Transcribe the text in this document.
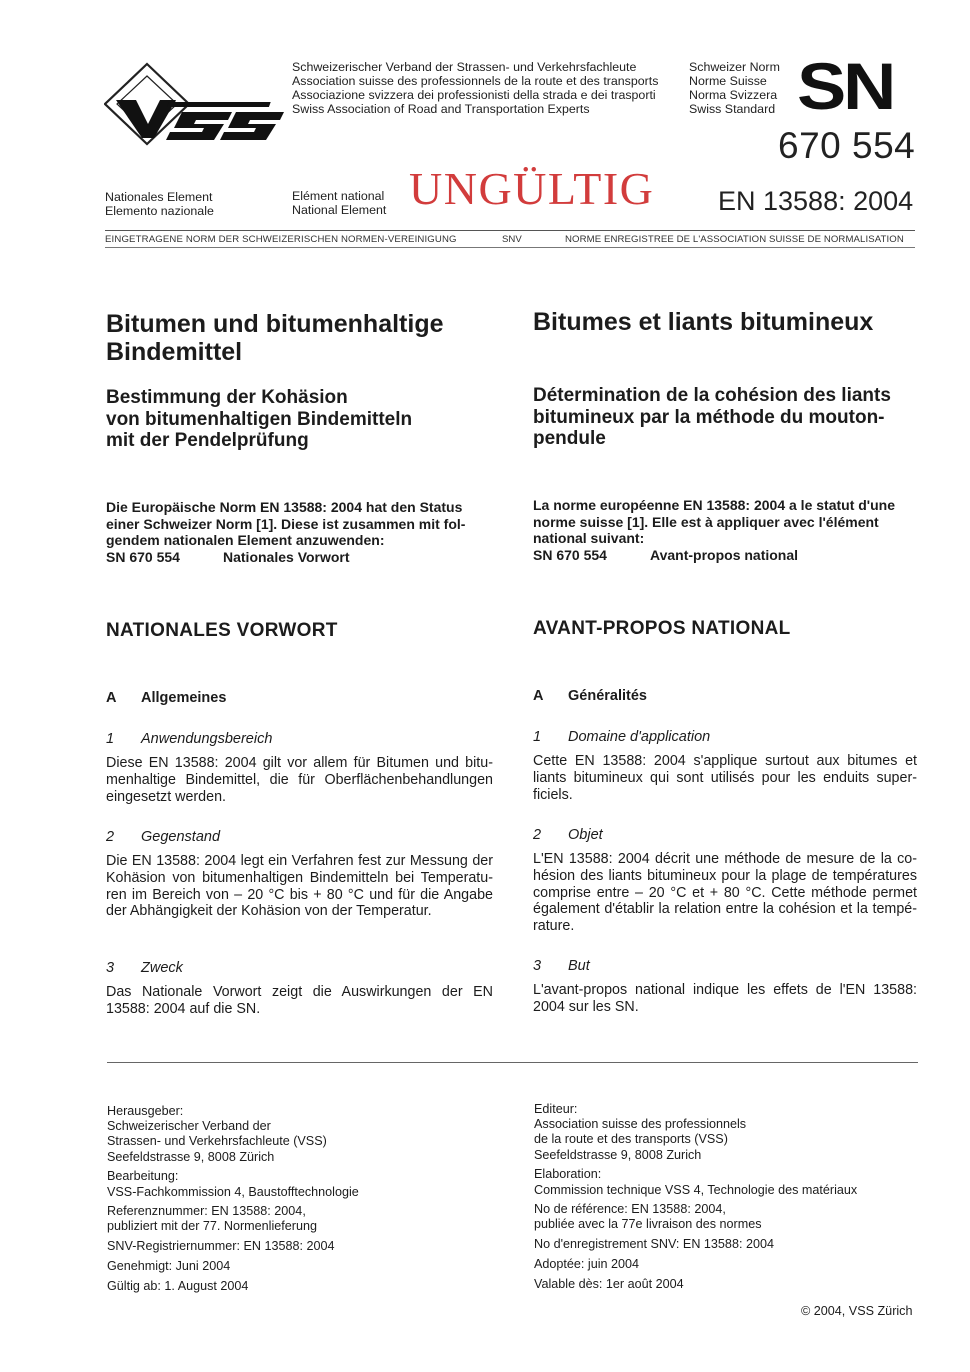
Schweizerischer Verband der Strassen- und Verkehrsfachleute
Association suisse des professionnels de la route et des transports
Associazione svizzera dei professionisti della strada e dei trasporti
Swiss Association of Road and Transportation Experts
Schweizer Norm
Norme Suisse
Norma Svizzera
Swiss Standard SN
670 554
EN 13588: 2004
Nationales Element
Elemento nazionale
Elément national
National Element UNGÜLTIG
EINGETRAGENE NORM DER SCHWEIZERISCHEN NORMEN-VEREINIGUNG	SNV	NORME ENREGISTREE DE L'ASSOCIATION SUISSE DE NORMALISATION
Bitumen und bitumenhaltige
Bindemittel
Bestimmung der Kohäsion
von bitumenhaltigen Bindemitteln
mit der Pendelprüfung
Die Europäische Norm EN 13588: 2004 hat den Status
einer Schweizer Norm [1]. Diese ist zusammen mit fol-
gendem nationalen Element anzuwenden:
SN 670 554	Nationales Vorwort
NATIONALES VORWORT
A Allgemeines
1 Anwendungsbereich
Diese EN 13588: 2004 gilt vor allem für Bitumen und bitumenhaltige Bindemittel, die für Oberflächenbehandlungen eingesetzt werden.
2 Gegenstand
Die EN 13588: 2004 legt ein Verfahren fest zur Messung der Kohäsion von bitumenhaltigen Bindemitteln bei Temperaturen im Bereich von – 20 °C bis + 80 °C und für die Angabe der Abhängigkeit der Kohäsion von der Temperatur.
3 Zweck
Das Nationale Vorwort zeigt die Auswirkungen der EN 13588: 2004 auf die SN.
Bitumes et liants bitumineux
Détermination de la cohésion des liants
bitumineux par la méthode du mouton-
pendule
La norme européenne EN 13588: 2004 a le statut d'une
norme suisse [1]. Elle est à appliquer avec l'élément
national suivant:
SN 670 554	Avant-propos national
AVANT-PROPOS NATIONAL
A Généralités
1 Domaine d'application
Cette EN 13588: 2004 s'applique surtout aux bitumes et liants bitumineux qui sont utilisés pour les enduits superficiels.
2 Objet
L'EN 13588: 2004 décrit une méthode de mesure de la cohésion des liants bitumineux pour la plage de températures comprise entre – 20 °C et + 80 °C. Cette méthode permet également d'établir la relation entre la cohésion et la température.
3 But
L'avant-propos national indique les effets de l'EN 13588: 2004 sur les SN.
Herausgeber:
Schweizerischer Verband der
Strassen- und Verkehrsfachleute (VSS)
Seefeldstrasse 9, 8008 Zürich
Bearbeitung:
VSS-Fachkommission 4, Baustofftechnologie
Referenznummer: EN 13588: 2004,
publiziert mit der 77. Normenlieferung
SNV-Registriernummer: EN 13588: 2004
Genehmigt: Juni 2004
Gültig ab: 1. August 2004
Editeur:
Association suisse des professionnels
de la route et des transports (VSS)
Seefeldstrasse 9, 8008 Zurich
Elaboration:
Commission technique VSS 4, Technologie des matériaux
No de référence: EN 13588: 2004,
publiée avec la 77e livraison des normes
No d'enregistrement SNV: EN 13588: 2004
Adoptée: juin 2004
Valable dès: 1er août 2004
© 2004, VSS Zürich
